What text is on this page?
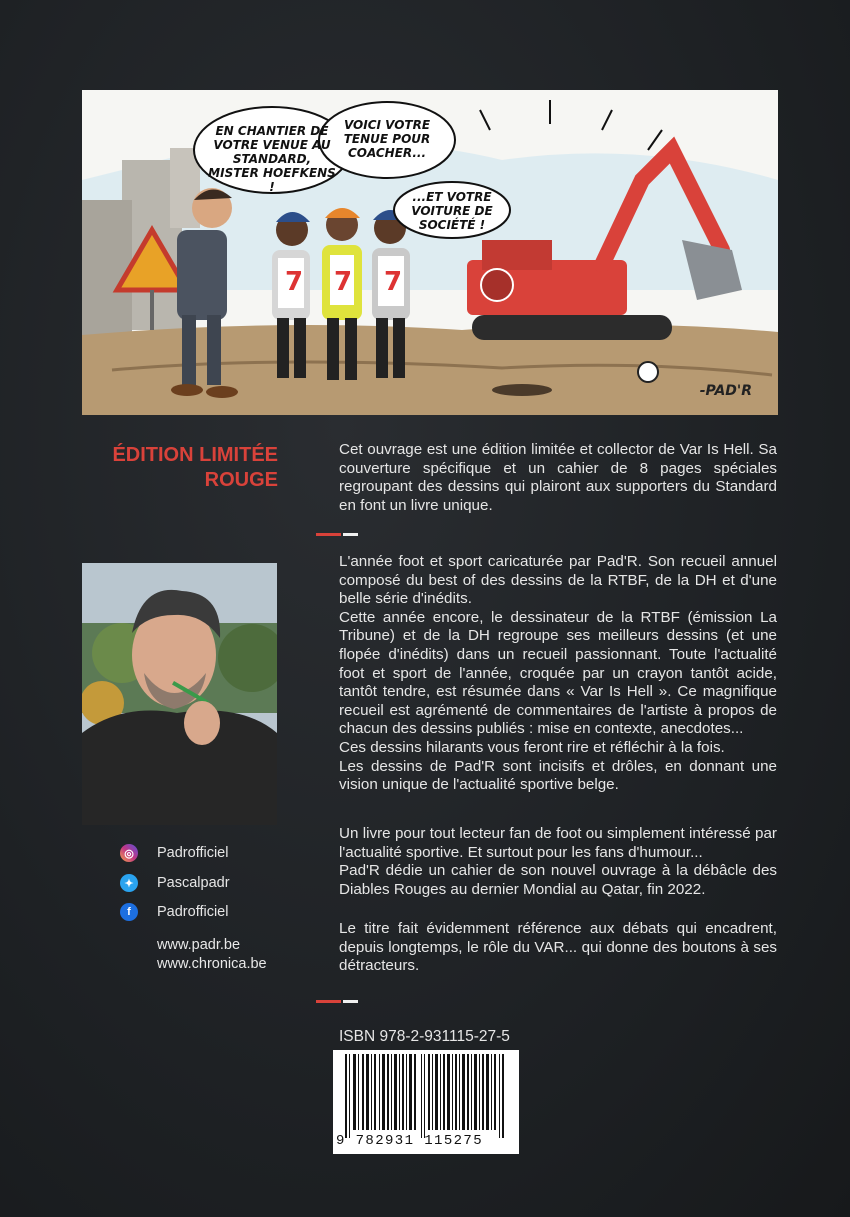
7 7 7
EN CHANTIER DE VOTRE VENUE AU STANDARD, MISTER HOEFKENS !
VOICI VOTRE TENUE POUR COACHER...
...ET VOTRE VOITURE DE SOCIÉTÉ !
-PAD'R
ÉDITION LIMITÉE
ROUGE

Cet ouvrage est une édition limitée et collector de Var Is Hell. Sa couverture spécifique et un cahier de 8 pages spéciales regroupant des dessins qui plairont aux supporters du Standard en font un livre unique.

L'année foot et sport caricaturée par Pad'R. Son recueil annuel composé du best of des dessins de la RTBF, de la DH et d'une belle série d'inédits.

Cette année encore, le dessinateur de la RTBF (émission La Tribune) et de la DH regroupe ses meilleurs dessins (et une flopée d'inédits) dans un recueil passionnant. Toute l'actualité foot et sport de l'année, croquée par un crayon tantôt acide, tantôt tendre, est résumée dans « Var Is Hell ». Ce magnifique recueil est agrémenté de commentaires de l'artiste à propos de chacun des dessins publiés : mise en contexte, anecdotes...

Ces dessins hilarants vous feront rire et réfléchir à la fois.

Les dessins de Pad'R sont incisifs et drôles, en donnant une vision unique de l'actualité sportive belge.

Un livre pour tout lecteur fan de foot ou simplement intéressé par l'actualité sportive. Et surtout pour les fans d'humour...

Pad'R dédie un cahier de son nouvel ouvrage à la débâcle des Diables Rouges au dernier Mondial au Qatar, fin 2022.

Le titre fait évidemment référence aux débats qui encadrent, depuis longtemps, le rôle du VAR... qui donne des boutons à ses détracteurs.

◎ Padrofficiel
✦	Pascalpadr
f	Padrofficiel
www.padr.be
www.chronica.be
ISBN 978-2-931115-27-5
9 782931 115275
